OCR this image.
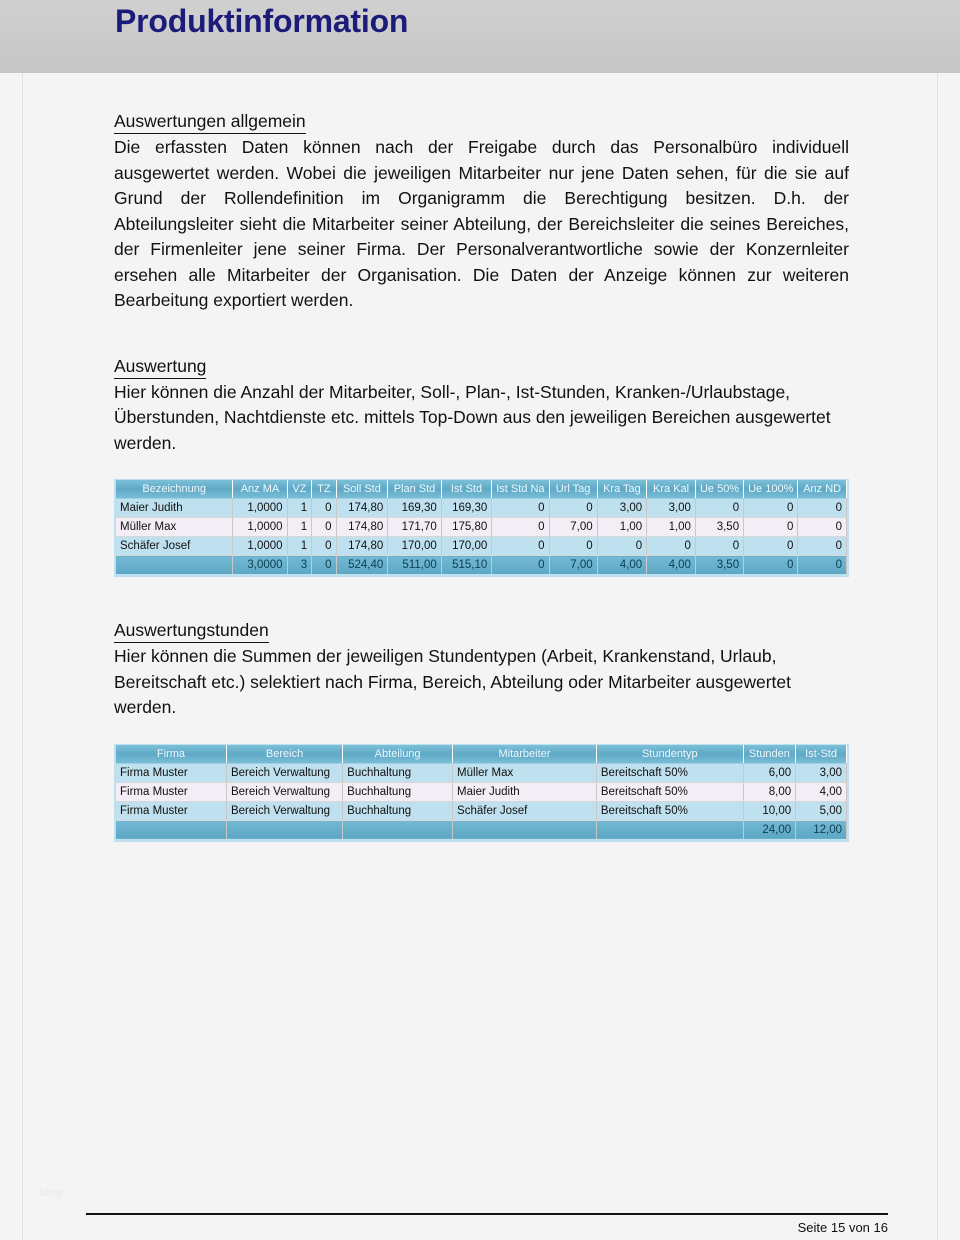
Produktinformation
Auswertungen allgemein

Die erfassten Daten können nach der Freigabe durch das Personalbüro individuell ausgewertet werden. Wobei die jeweiligen Mitarbeiter nur jene Daten sehen, für die sie auf Grund der Rollendefinition im Organigramm die Berechtigung besitzen. D.h. der Abteilungsleiter sieht die Mitarbeiter seiner Abteilung, der Bereichsleiter die seines Bereiches, der Firmenleiter jene seiner Firma. Der Personalverantwortliche sowie der Konzernleiter ersehen alle Mitarbeiter der Organisation. Die Daten der Anzeige können zur weiteren Bearbeitung exportiert werden.

Auswertung

Hier können die Anzahl der Mitarbeiter, Soll-, Plan-, Ist-Stunden, Kranken-/Urlaubstage, Überstunden, Nachtdienste etc. mittels Top-Down aus den jeweiligen Bereichen ausgewertet werden.

Bezeichnung	Anz MA	VZ	TZ	Soll Std	Plan Std	Ist Std	Ist Std Na	Url Tag	Kra Tag	Kra Kal	Ue 50%	Ue 100%	Anz ND
Maier Judith	1,0000	1	0	174,80	169,30	169,30	0	0	3,00	3,00	0	0	0
Müller Max	1,0000	1	0	174,80	171,70	175,80	0	7,00	1,00	1,00	3,50	0	0
Schäfer Josef	1,0000	1	0	174,80	170,00	170,00	0	0	0	0	0	0	0
	3,0000	3	0	524,40	511,00	515,10	0	7,00	4,00	4,00	3,50	0	0
Auswertungstunden

Hier können die Summen der jeweiligen Stundentypen (Arbeit, Krankenstand, Urlaub, Bereitschaft etc.) selektiert nach Firma, Bereich, Abteilung oder Mitarbeiter ausgewertet werden.

Firma	Bereich	Abteilung	Mitarbeiter	Stundentyp	Stunden	Ist-Std
Firma Muster	Bereich Verwaltung	Buchhaltung	Müller Max	Bereitschaft 50%	6,00	3,00
Firma Muster	Bereich Verwaltung	Buchhaltung	Maier Judith	Bereitschaft 50%	8,00	4,00
Firma Muster	Bereich Verwaltung	Buchhaltung	Schäfer Josef	Bereitschaft 50%	10,00	5,00
					24,00	12,00
blog
Seite 15 von 16
